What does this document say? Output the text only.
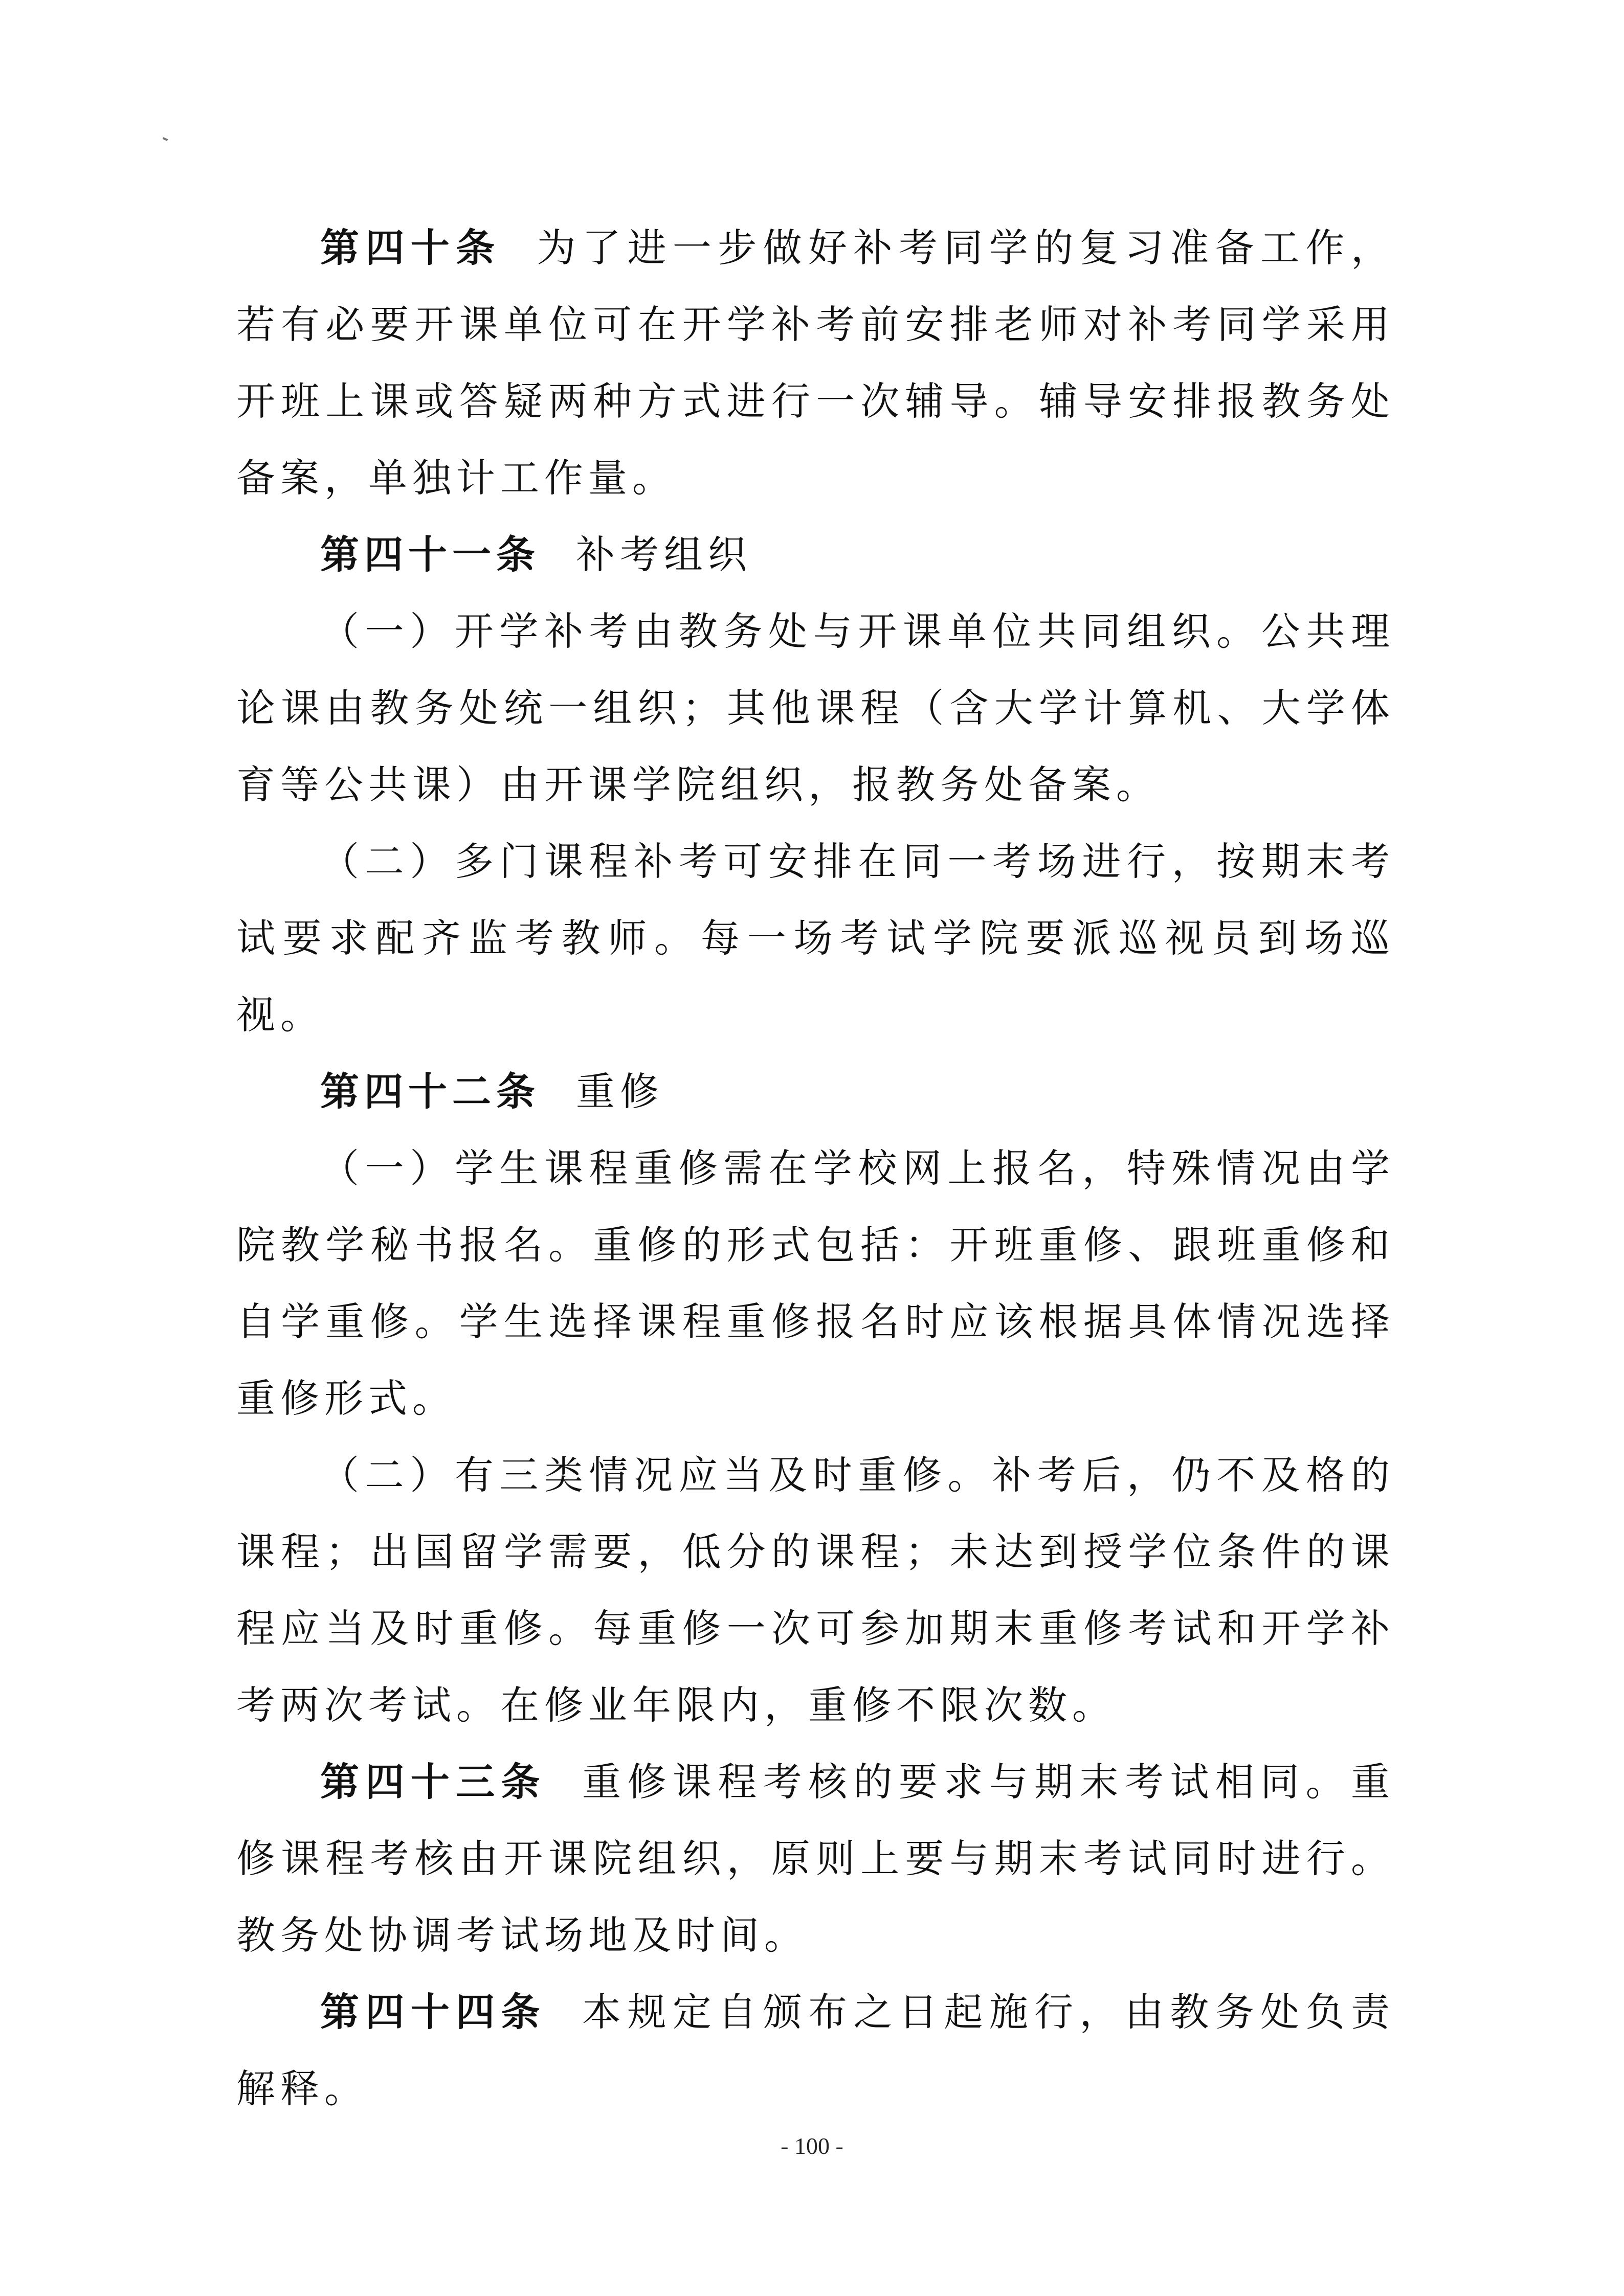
第四十条 为了进一步做好补考同学的复习准备工作，若有必要开课单位可在开学补考前安排老师对补考同学采用开班上课或答疑两种方式进行一次辅导。辅导安排报教务处备案，单独计工作量。

第四十一条 补考组织

（一）开学补考由教务处与开课单位共同组织。公共理论课由教务处统一组织；其他课程（含大学计算机、大学体育等公共课）由开课学院组织，报教务处备案。

（二）多门课程补考可安排在同一考场进行，按期末考试要求配齐监考教师。每一场考试学院要派巡视员到场巡视。

第四十二条 重修

（一）学生课程重修需在学校网上报名，特殊情况由学院教学秘书报名。重修的形式包括：开班重修、跟班重修和自学重修。学生选择课程重修报名时应该根据具体情况选择重修形式。

（二）有三类情况应当及时重修。补考后，仍不及格的课程；出国留学需要，低分的课程；未达到授学位条件的课程应当及时重修。每重修一次可参加期末重修考试和开学补考两次考试。在修业年限内，重修不限次数。

第四十三条 重修课程考核的要求与期末考试相同。重修课程考核由开课院组织，原则上要与期末考试同时进行。教务处协调考试场地及时间。

第四十四条 本规定自颁布之日起施行，由教务处负责解释。

- 100 -
